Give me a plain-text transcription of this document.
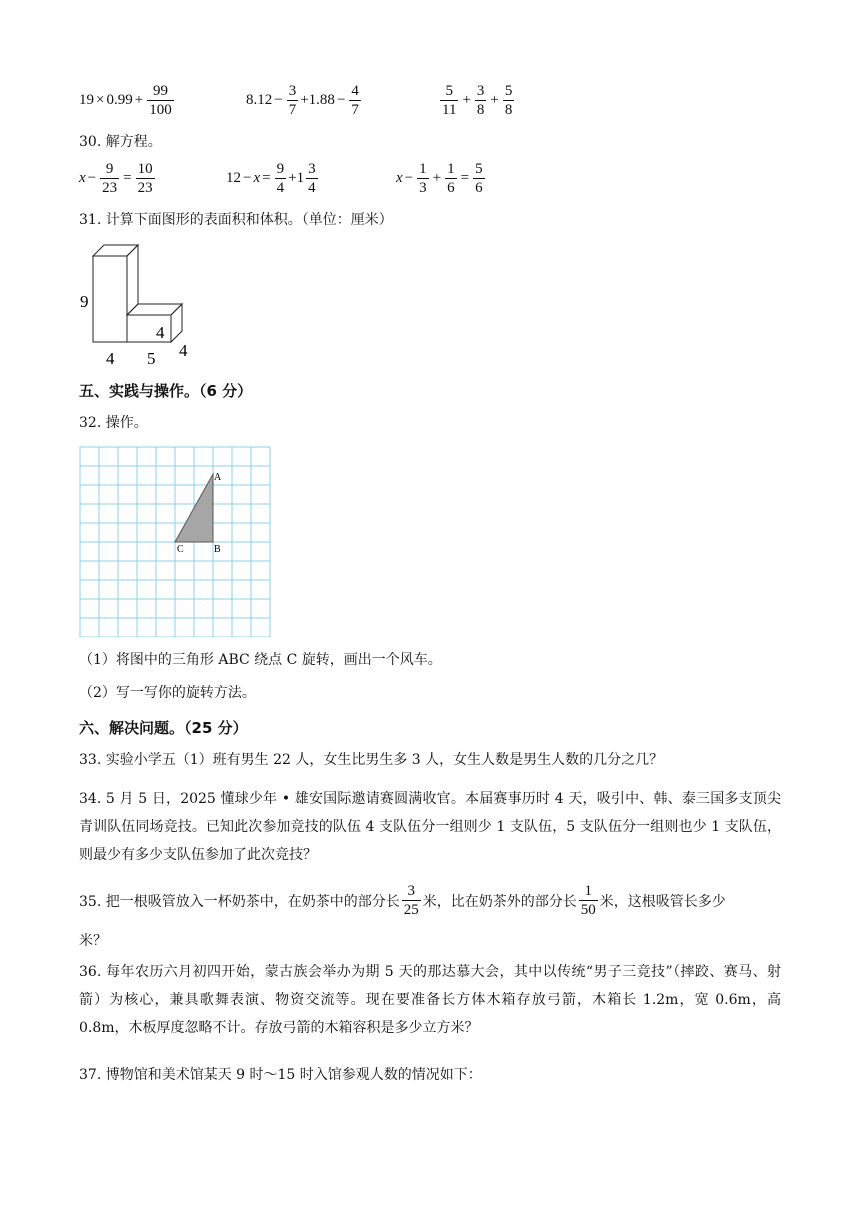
$19 \times 0.99 + \frac{99}{100}$	$8.12 - \frac{3}{7} +1.88 - \frac{4}{7}$	$\frac{5}{11} + \frac{3}{8} + \frac{5}{8}$
30. 解方程。
$x - \frac{9}{23} = \frac{10}{23}$	$12 - x = \frac{9}{4} +1 \frac{3}{4}$	$x - \frac{1}{3} + \frac{1}{6} = \frac{5}{6}$
31. 计算下面图形的表面积和体积。（单位：厘米）
9
4 5 4
4
五、实践与操作。（6 分）
32. 操作。
A
B
C
（1）将图中的三角形 ABC 绕点 C 旋转，画出一个风车。
（2）写一写你的旋转方法。
六、解决问题。（25 分）
33. 实验小学五（1）班有男生 22 人，女生比男生多 3 人，女生人数是男生人数的几分之几？
34. 5 月 5 日，2025 懂球少年 • 雄安国际邀请赛圆满收官。本届赛事历时 4 天，吸引中、韩、泰三国多支顶尖青训队伍同场竞技。已知此次参加竞技的队伍 4 支队伍分一组则少 1 支队伍，5 支队伍分一组则也少 1 支队伍，则最少有多少支队伍参加了此次竞技？
35. 把一根吸管放入一杯奶茶中，在奶茶中的部分长 $\frac{3}{25}$ 米，比在奶茶外的部分长 $\frac{1}{50}$ 米，这根吸管长多少
米？
36. 每年农历六月初四开始，蒙古族会举办为期 5 天的那达慕大会，其中以传统“男子三竞技”（摔跤、赛马、射箭）为核心，兼具歌舞表演、物资交流等。现在要准备长方体木箱存放弓箭，木箱长 1.2m，宽 0.6m，高 0.8m，木板厚度忽略不计。存放弓箭的木箱容积是多少立方米？
37. 博物馆和美术馆某天 9 时～15 时入馆参观人数的情况如下：
